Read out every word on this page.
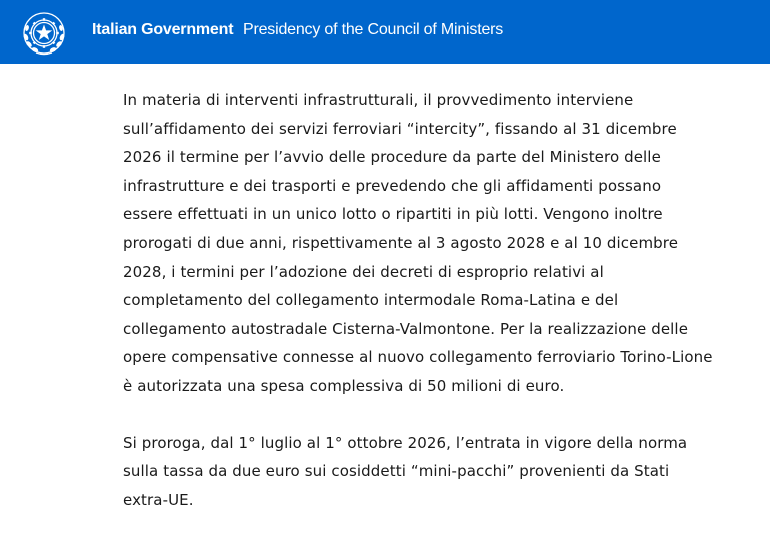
Italian Government Presidency of the Council of Ministers

In materia di interventi infrastrutturali, il provvedimento interviene sull’affidamento dei servizi ferroviari “intercity”, fissando al 31 dicembre 2026 il termine per l’avvio delle procedure da parte del Ministero delle infrastrutture e dei trasporti e prevedendo che gli affidamenti possano essere effettuati in un unico lotto o ripartiti in più lotti. Vengono inoltre prorogati di due anni, rispettivamente al 3 agosto 2028 e al 10 dicembre 2028, i termini per l’adozione dei decreti di esproprio relativi al completamento del collegamento intermodale Roma-Latina e del collegamento autostradale Cisterna-Valmontone. Per la realizzazione delle opere compensative connesse al nuovo collegamento ferroviario Torino-Lione è autorizzata una spesa complessiva di 50 milioni di euro.

Si proroga, dal 1° luglio al 1° ottobre 2026, l’entrata in vigore della norma sulla tassa da due euro sui cosiddetti “mini-pacchi” provenienti da Stati extra-UE.
